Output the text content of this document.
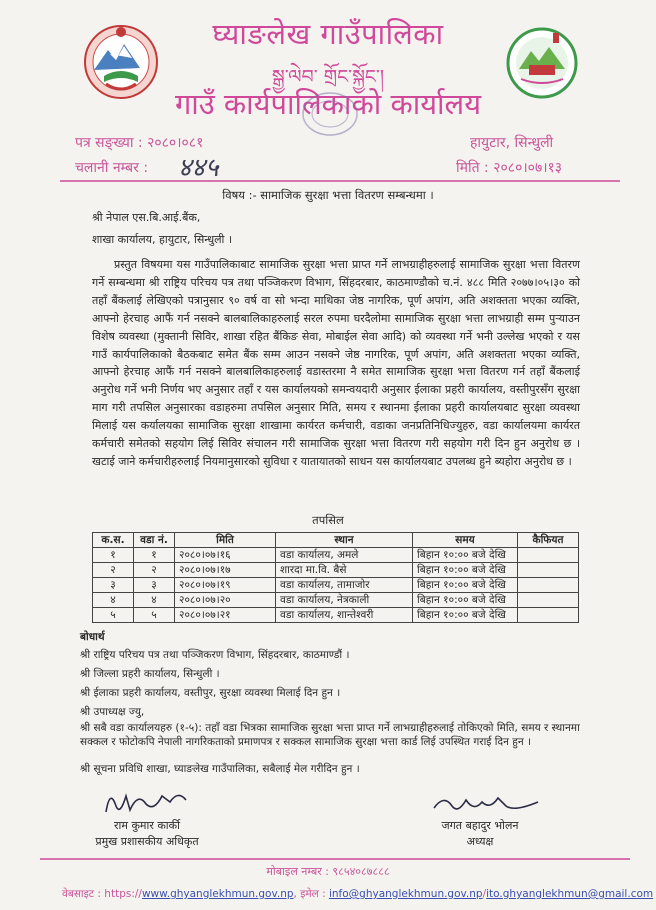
घ्याङलेख गाउँपालिका
སྒྱ་ལེབ་ གྲོང་སྐྱོང་།
गाउँ कार्यपालिकाको कार्यालय
पत्र सङ्ख्या : २०८०।०८१	हायुटार, सिन्धुली
चलानी नम्बर : ४४५	मिति : २०८०।०७।१३
विषय :- सामाजिक सुरक्षा भत्ता वितरण सम्बन्धमा ।
श्री नेपाल एस.बि.आई.बैंक,
शाखा कार्यालय, हायुटार, सिन्धुली ।
प्रस्तुत विषयमा यस गाउँपालिकाबाट सामाजिक सुरक्षा भत्ता प्राप्त गर्ने लाभग्राहीहरुलाई सामाजिक सुरक्षा भत्ता वितरण गर्ने सम्बन्धमा श्री राष्ट्रिय परिचय पत्र तथा पञ्जिकरण विभाग, सिंहदरबार, काठमाण्डौको च.नं. ४८८ मिति २०७७।०५।३० को तहाँ बैंकलाई लेखिएको पत्रानुसार ९० वर्ष वा सो भन्दा माथिका जेष्ठ नागरिक, पूर्ण अपांग, अति अशक्तता भएका व्यक्ति, आफ्नो हेरचाह आफैं गर्न नसक्ने बालबालिकाहरुलाई सरल रुपमा घरदैलोमा सामाजिक सुरक्षा भत्ता लाभग्राही सम्म पुऱ्याउन विशेष व्यवस्था (मुक्तानी सिविर, शाखा रहित बैंकिङ सेवा, मोबाईल सेवा आदि) को व्यवस्था गर्ने भनी उल्लेख भएको र यस गाउँ कार्यपालिकाको बैठकबाट समेत बैंक सम्म आउन नसक्ने जेष्ठ नागरिक, पूर्ण अपांग, अति अशक्तता भएका व्यक्ति, आफ्नो हेरचाह आफैं गर्न नसक्ने बालबालिकाहरुलाई वडास्तरमा नै समेत सामाजिक सुरक्षा भत्ता वितरण गर्न तहाँ बैंकलाई अनुरोध गर्ने भनी निर्णय भए अनुसार तहाँ र यस कार्यालयको समन्वयदारी अनुसार ईलाका प्रहरी कार्यालय, वस्तीपुरसँग सुरक्षा माग गरी तपसिल अनुसारका वडाहरुमा तपसिल अनुसार मिति, समय र स्थानमा ईलाका प्रहरी कार्यालयबाट सुरक्षा व्यवस्था मिलाई यस कर्यालयका सामाजिक सुरक्षा शाखामा कार्यरत कर्मचारी, वडाका जनप्रतिनिधिज्युहरु, वडा कार्यालयमा कार्यरत कर्मचारी समेतको सहयोग लिई सिविर संचालन गरी सामाजिक सुरक्षा भत्ता वितरण गरी सहयोग गरी दिन हुन अनुरोध छ । खटाई जाने कर्मचारीहरुलाई नियमानुसारको सुविधा र यातायातको साधन यस कार्यालयबाट उपलब्ध हुने ब्यहोरा अनुरोध छ ।
तपसिल
क.स.	वडा नं.	मिति	स्थान	समय	कैफियत
१	१	२०८०।०७।१६	वडा कार्यालय, अमले	बिहान १०:०० बजे देखि	
२	२	२०८०।०७।१७	शारदा मा.वि. बैसे	बिहान १०:०० बजे देखि	
३	३	२०८०।०७।१९	वडा कार्यालय, तामाजोर	बिहान १०:०० बजे देखि	
४	४	२०८०।०७।२०	वडा कार्यालय, नेत्रकाली	बिहान १०:०० बजे देखि	
५	५	२०८०।०७।२१	वडा कार्यालय, शान्तेश्वरी	बिहान १०:०० बजे देखि	
बोधार्थ
श्री राष्ट्रिय परिचय पत्र तथा पञ्जिकरण विभाग, सिंहदरबार, काठमाण्डौं ।
श्री जिल्ला प्रहरी कार्यालय, सिन्धुली ।
श्री ईलाका प्रहरी कार्यालय, वस्तीपुर, सुरक्षा व्यवस्था मिलाई दिन हुन ।
श्री उपाध्यक्ष ज्यु,
श्री सबै वडा कार्यालयहरु (१-५): तहाँ वडा भित्रका सामाजिक सुरक्षा भत्ता प्राप्त गर्ने लाभग्राहीहरुलाई तोकिएको मिति, समय र स्थानमा सक्कल र फोटोकपि नेपाली नागरिकताको प्रमाणपत्र र सक्कल सामाजिक सुरक्षा भत्ता कार्ड लिई उपस्थित गराई दिन हुन ।
श्री सूचना प्रविधि शाखा, घ्याङलेख गाउँपालिका, सबैलाई मेल गरीदिन हुन ।
राम कुमार कार्की
प्रमुख प्रशासकीय अधिकृत
जगत बहादुर भोलन
अध्यक्ष
मोबाइल नम्बर : ९८५४०८७८८८
वेबसाइट : https://www.ghyanglekhmun.gov.np, इमेल : info@ghyanglekhmun.gov.np/ito.ghyanglekhmun@gmail.com
